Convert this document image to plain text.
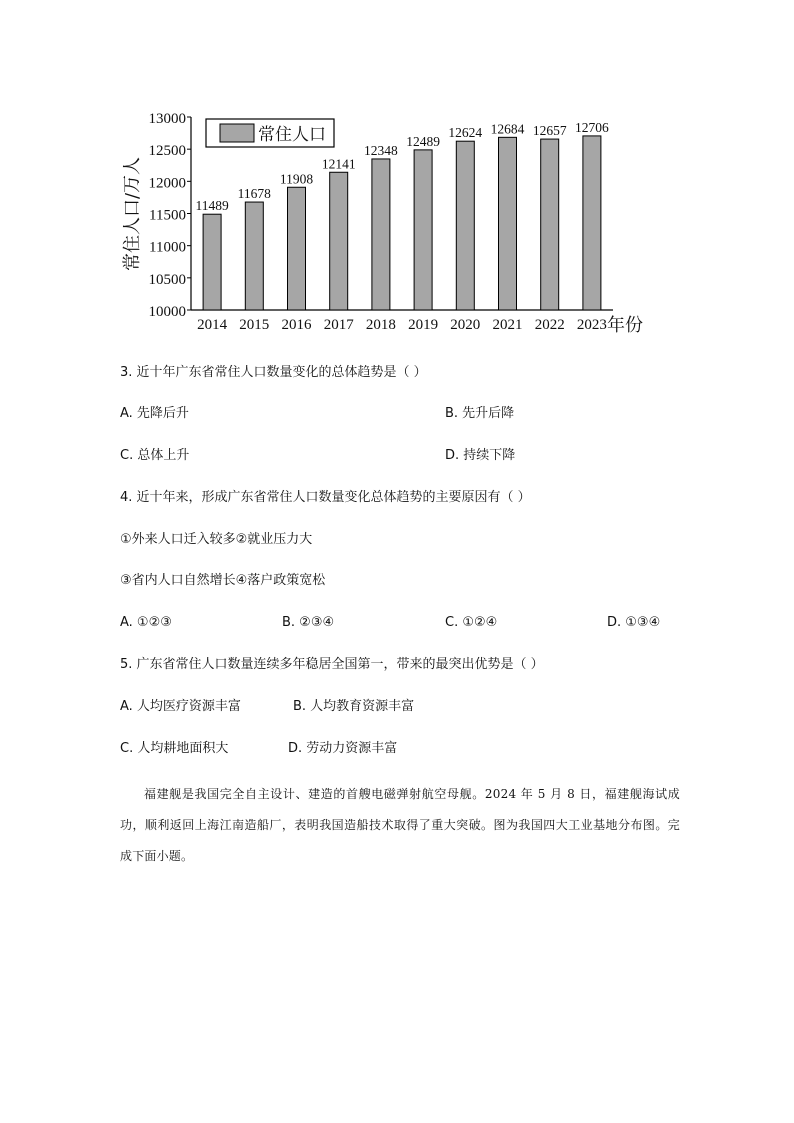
11489
11678
11908
12141
12348
12489
12624 12684 12657 12706
10000
10500
11000
11500
12000
12500
13000
2014 2015 2016 2017 2018 2019 2020 2021 2022 2023
常住人口
常住人口/万人
年份
3. 近十年广东省常住人口数量变化的总体趋势是（ ）
A. 先降后升	B. 先升后降
C. 总体上升	D. 持续下降
4. 近十年来，形成广东省常住人口数量变化总体趋势的主要原因有（ ）
①外来人口迁入较多②就业压力大
③省内人口自然增长④落户政策宽松
A. ①②③	B. ②③④	C. ①②④	D. ①③④
5. 广东省常住人口数量连续多年稳居全国第一，带来的最突出优势是（ ）
A. 人均医疗资源丰富	B. 人均教育资源丰富
C. 人均耕地面积大	D. 劳动力资源丰富
福建舰是我国完全自主设计、建造的首艘电磁弹射航空母舰。2024 年 5 月 8 日，福建舰海试成功，顺利返回上海江南造船厂，表明我国造船技术取得了重大突破。图为我国四大工业基地分布图。完成下面小题。
